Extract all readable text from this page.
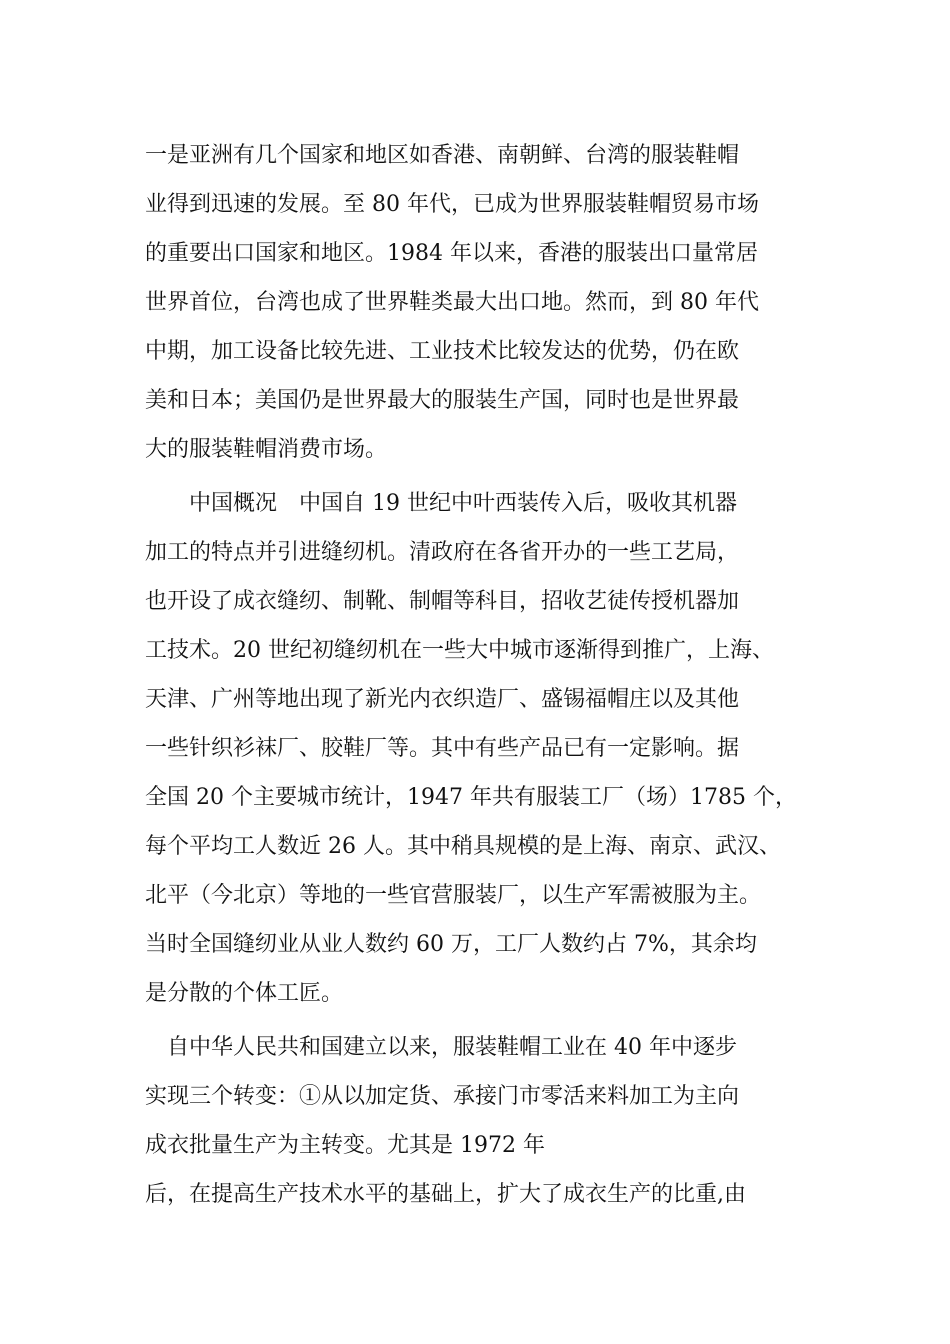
一是亚洲有几个国家和地区如香港、南朝鲜、台湾的服装鞋帽
业得到迅速的发展。至 80 年代，已成为世界服装鞋帽贸易市场
的重要出口国家和地区。1984 年以来，香港的服装出口量常居
世界首位，台湾也成了世界鞋类最大出口地。然而，到 80 年代
中期，加工设备比较先进、工业技术比较发达的优势，仍在欧
美和日本；美国仍是世界最大的服装生产国，同时也是世界最
大的服装鞋帽消费市场。
　　中国概况　中国自 19 世纪中叶西装传入后，吸收其机器
加工的特点并引进缝纫机。清政府在各省开办的一些工艺局，
也开设了成衣缝纫、制靴、制帽等科目，招收艺徒传授机器加
工技术。20 世纪初缝纫机在一些大中城市逐渐得到推广，上海、
天津、广州等地出现了新光内衣织造厂、盛锡福帽庄以及其他
一些针织衫袜厂、胶鞋厂等。其中有些产品已有一定影响。据
全国 20 个主要城市统计，1947 年共有服装工厂（场）1785 个，
每个平均工人数近 26 人。其中稍具规模的是上海、南京、武汉、
北平（今北京）等地的一些官营服装厂，以生产军需被服为主。
当时全国缝纫业从业人数约 60 万，工厂人数约占 7%，其余均
是分散的个体工匠。
　自中华人民共和国建立以来，服装鞋帽工业在 40 年中逐步
实现三个转变：①从以加定货、承接门市零活来料加工为主向
成衣批量生产为主转变。尤其是 1972 年
后，在提高生产技术水平的基础上，扩大了成衣生产的比重,由
